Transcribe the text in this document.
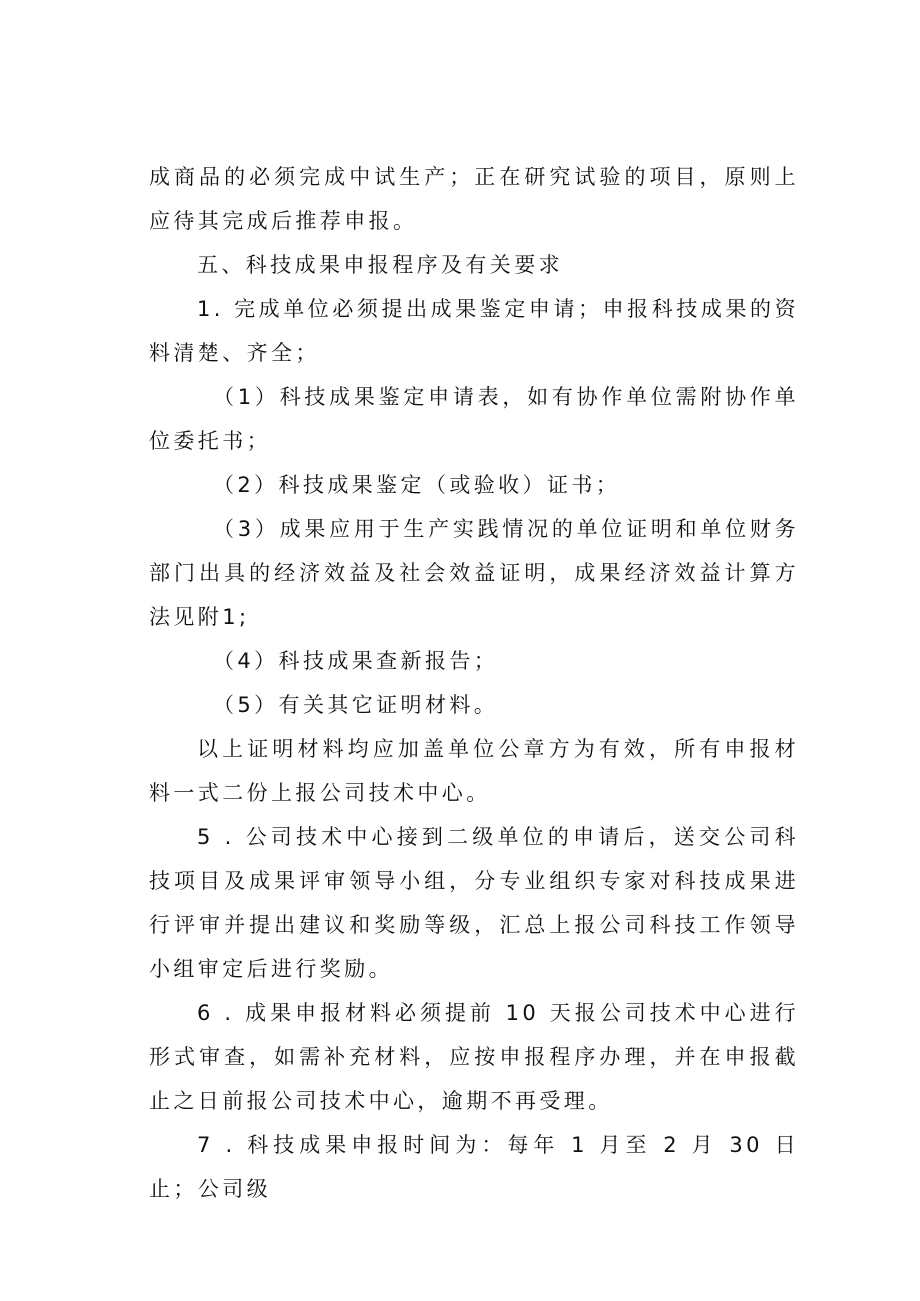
成商品的必须完成中试生产；正在研究试验的项目，原则上应待其完成后推荐申报。

五、科技成果申报程序及有关要求

1. 完成单位必须提出成果鉴定申请；申报科技成果的资料清楚、齐全；

（1）科技成果鉴定申请表，如有协作单位需附协作单位委托书；

（2）科技成果鉴定（或验收）证书；

（3）成果应用于生产实践情况的单位证明和单位财务部门出具的经济效益及社会效益证明，成果经济效益计算方法见附1;

（4）科技成果查新报告；

（5）有关其它证明材料。

以上证明材料均应加盖单位公章方为有效，所有申报材料一式二份上报公司技术中心。

5 . 公司技术中心接到二级单位的申请后，送交公司科技项目及成果评审领导小组，分专业组织专家对科技成果进行评审并提出建议和奖励等级，汇总上报公司科技工作领导小组审定后进行奖励。

6 . 成果申报材料必须提前 10 天报公司技术中心进行形式审查，如需补充材料，应按申报程序办理，并在申报截止之日前报公司技术中心，逾期不再受理。

7 . 科技成果申报时间为：每年 1 月至 2 月 30 日止；公司级
